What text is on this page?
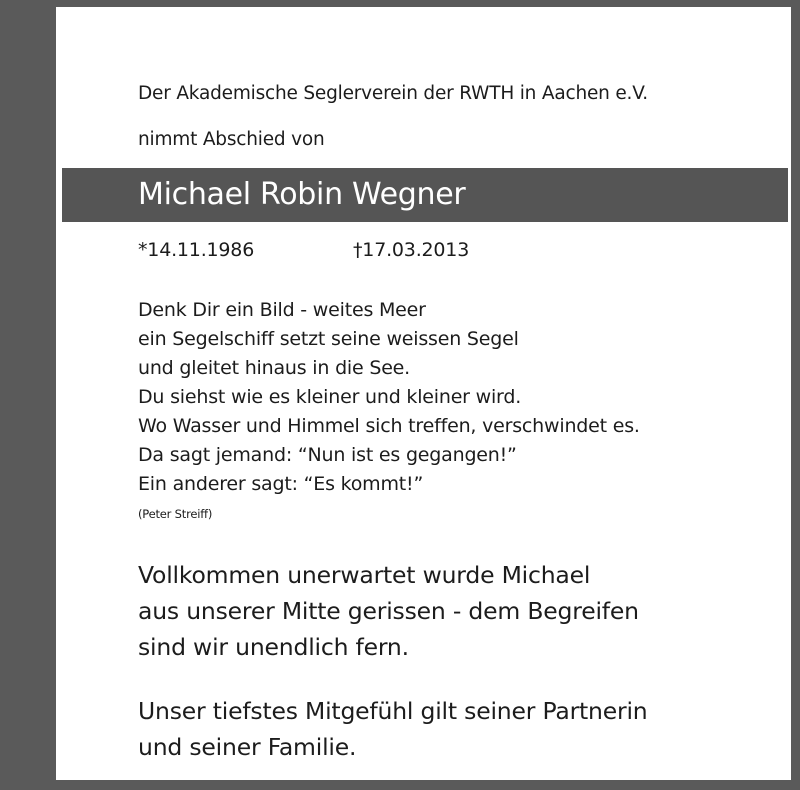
Der Akademische Seglerverein der RWTH in Aachen e.V.
nimmt Abschied von
Michael Robin Wegner
*14.11.1986	†17.03.2013
Denk Dir ein Bild - weites Meer
ein Segelschiff setzt seine weissen Segel
und gleitet hinaus in die See.
Du siehst wie es kleiner und kleiner wird.
Wo Wasser und Himmel sich treffen, verschwindet es.
Da sagt jemand: “Nun ist es gegangen!”
Ein anderer sagt: “Es kommt!”
(Peter Streiff)
Vollkommen unerwartet wurde Michael
aus unserer Mitte gerissen - dem Begreifen
sind wir unendlich fern.
Unser tiefstes Mitgefühl gilt seiner Partnerin
und seiner Familie.
